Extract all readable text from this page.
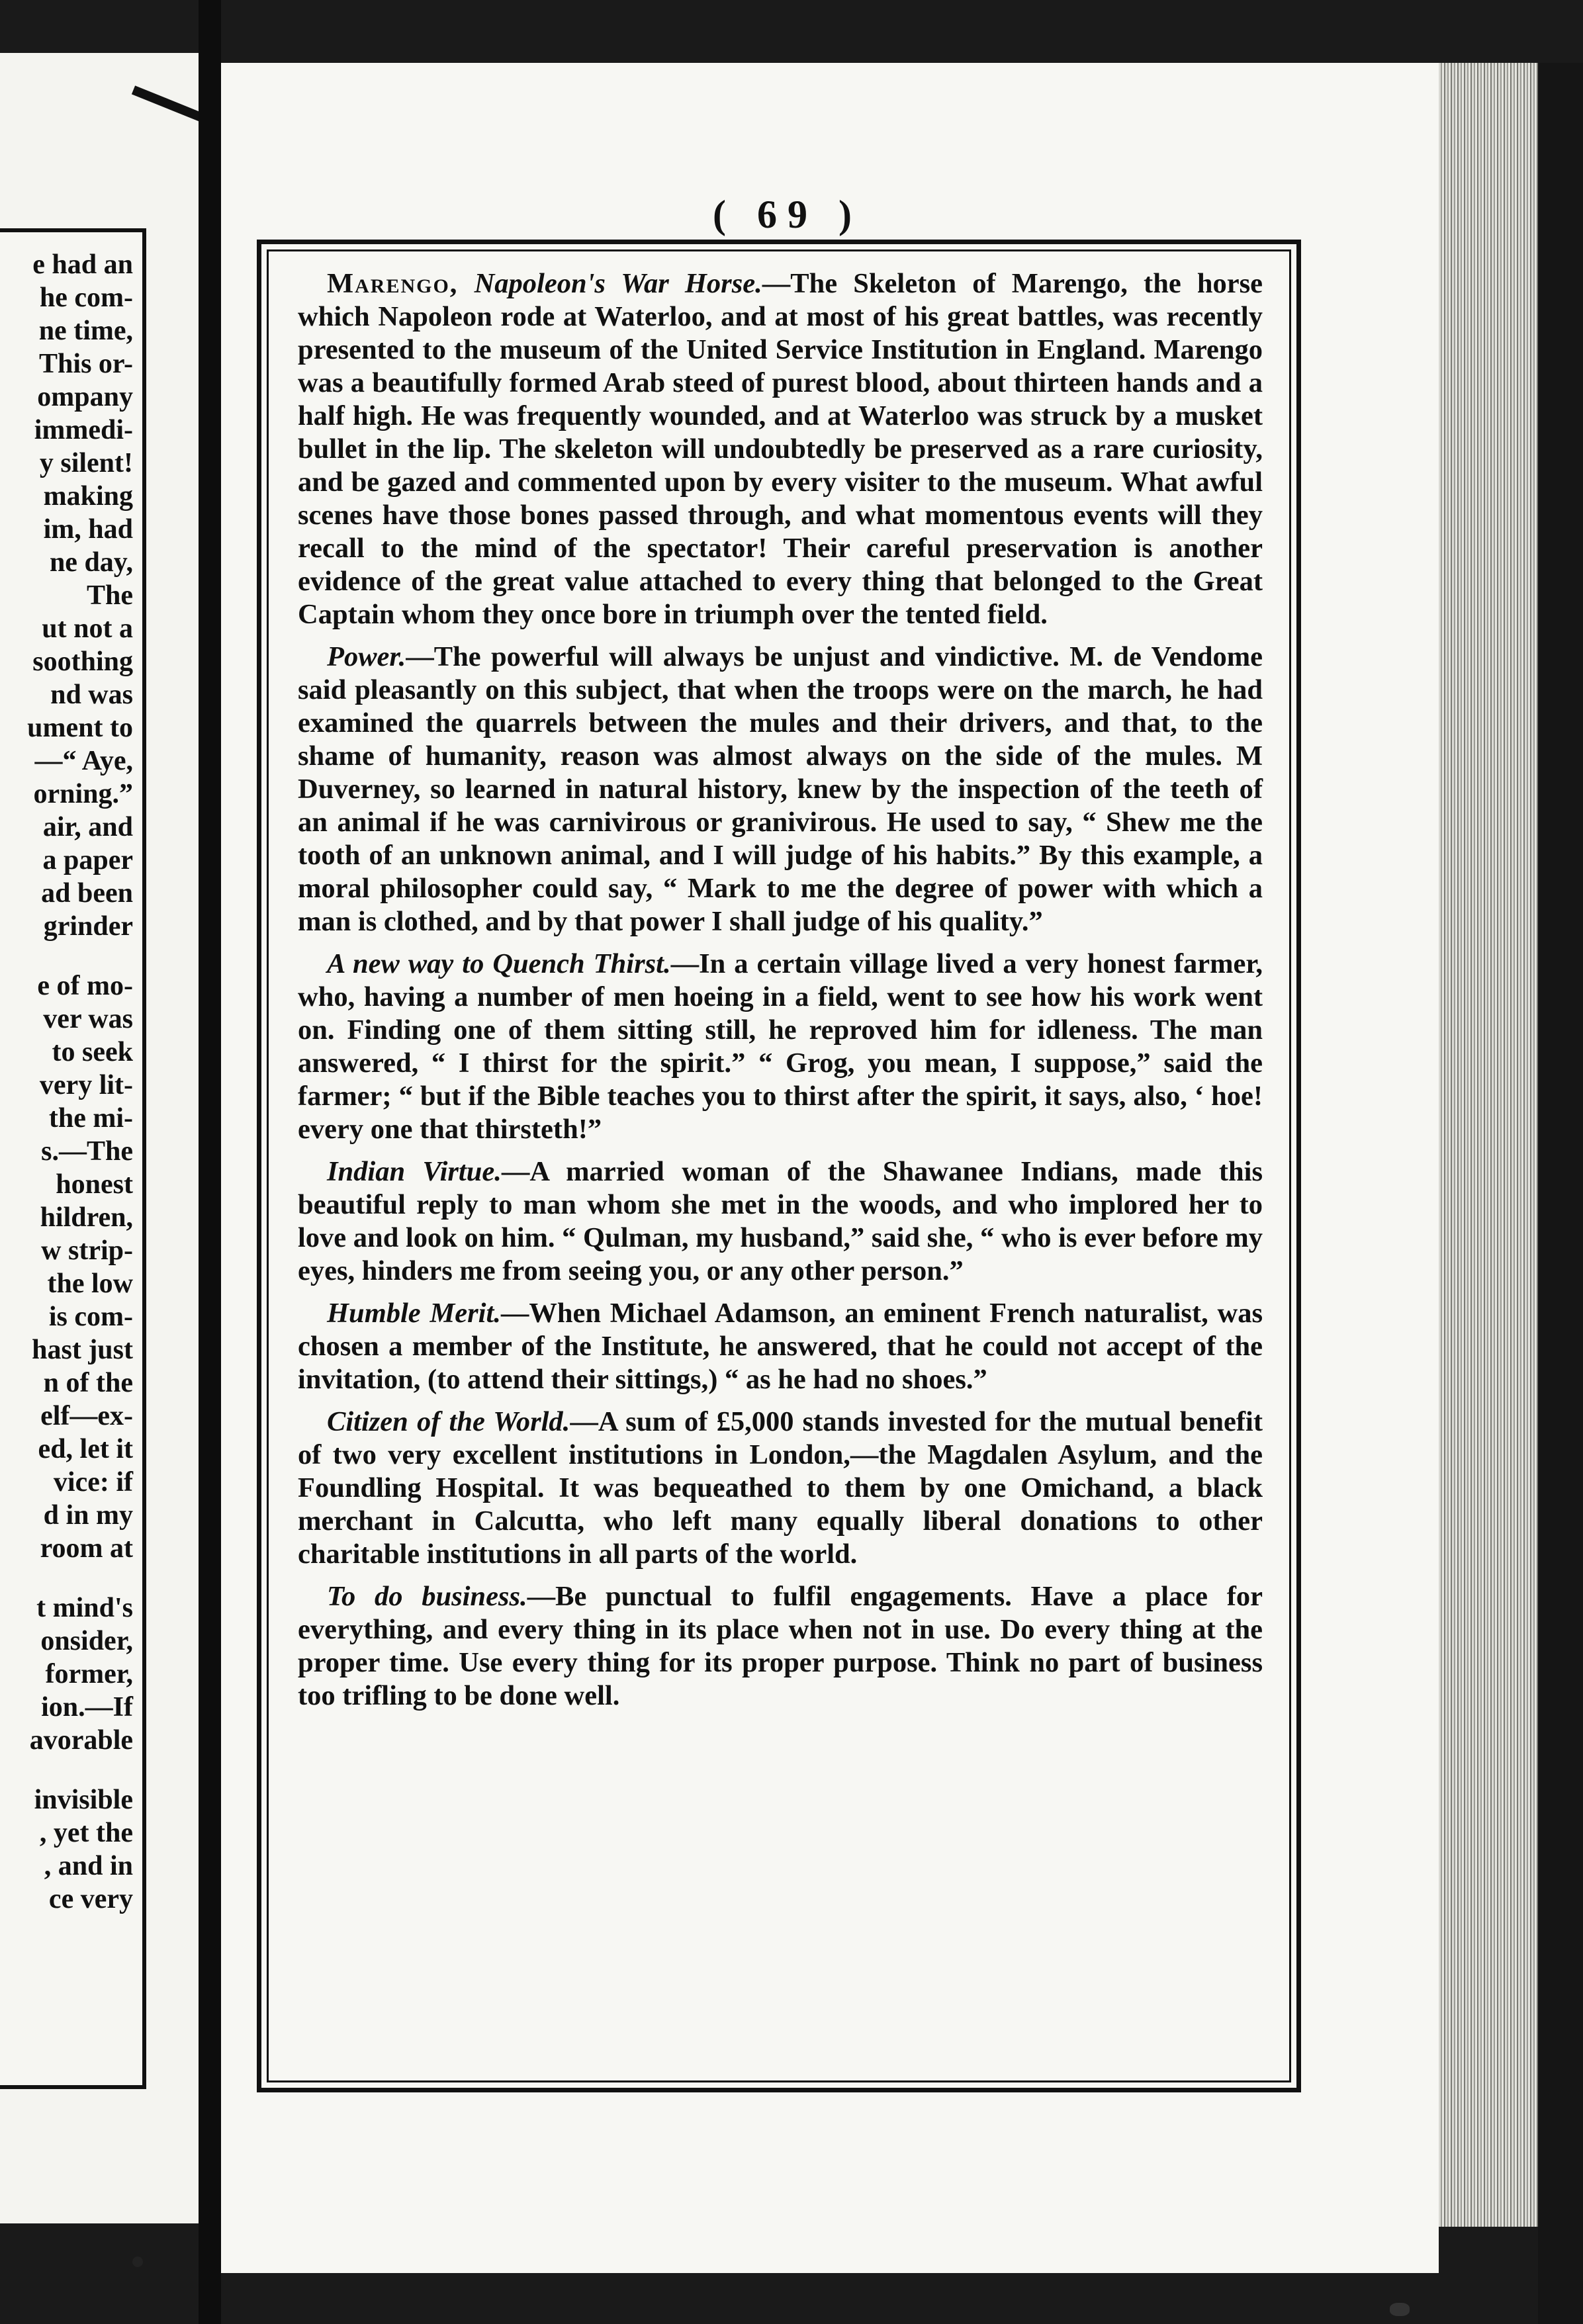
e had an
he com-
ne time,
This or-
ompany
immedi-
y silent!
making
im, had
ne day,
The
ut not a
soothing
nd was
ument to
—“ Aye,
orning.”
air, and
a paper
ad been
grinder
e of mo-
ver was
to seek
very lit-
the mi-
s.—The
honest
hildren,
w strip-
the low
is com-
hast just
n of the
elf—ex-
ed, let it
vice: if
d in my
room at
t mind's
onsider,
former,
ion.—If
avorable
invisible
, yet the
, and in
ce very
( 69 )

Marengo, Napoleon's War Horse.—The Skeleton of Marengo, the horse which Napoleon rode at Waterloo, and at most of his great battles, was recently presented to the museum of the United Service Institution in England. Marengo was a beautifully formed Arab steed of purest blood, about thirteen hands and a half high. He was frequently wounded, and at Waterloo was struck by a musket bullet in the lip. The skeleton will undoubtedly be preserved as a rare curiosity, and be gazed and commented upon by every visiter to the museum. What awful scenes have those bones passed through, and what momentous events will they recall to the mind of the spectator! Their careful preservation is another evidence of the great value attached to every thing that belonged to the Great Captain whom they once bore in triumph over the tented field.

Power.—The powerful will always be unjust and vindictive. M. de Vendome said pleasantly on this subject, that when the troops were on the march, he had examined the quarrels between the mules and their drivers, and that, to the shame of humanity, reason was almost always on the side of the mules. M Duverney, so learned in natural history, knew by the inspection of the teeth of an animal if he was carnivirous or granivirous. He used to say, “ Shew me the tooth of an unknown animal, and I will judge of his habits.” By this example, a moral philosopher could say, “ Mark to me the degree of power with which a man is clothed, and by that power I shall judge of his quality.”

A new way to Quench Thirst.—In a certain village lived a very honest farmer, who, having a number of men hoeing in a field, went to see how his work went on. Finding one of them sitting still, he reproved him for idleness. The man answered, “ I thirst for the spirit.” “ Grog, you mean, I suppose,” said the farmer; “ but if the Bible teaches you to thirst after the spirit, it says, also, ‘ hoe! every one that thirsteth!”

Indian Virtue.—A married woman of the Shawanee Indians, made this beautiful reply to man whom she met in the woods, and who implored her to love and look on him. “ Qulman, my husband,” said she, “ who is ever before my eyes, hinders me from seeing you, or any other person.”

Humble Merit.—When Michael Adamson, an eminent French naturalist, was chosen a member of the Institute, he answered, that he could not accept of the invitation, (to attend their sittings,) “ as he had no shoes.”

Citizen of the World.—A sum of £5,000 stands invested for the mutual benefit of two very excellent institutions in London,—the Magdalen Asylum, and the Foundling Hospital. It was bequeathed to them by one Omichand, a black merchant in Calcutta, who left many equally liberal donations to other charitable institutions in all parts of the world.

To do business.—Be punctual to fulfil engagements. Have a place for everything, and every thing in its place when not in use. Do every thing at the proper time. Use every thing for its proper purpose. Think no part of business too trifling to be done well.
